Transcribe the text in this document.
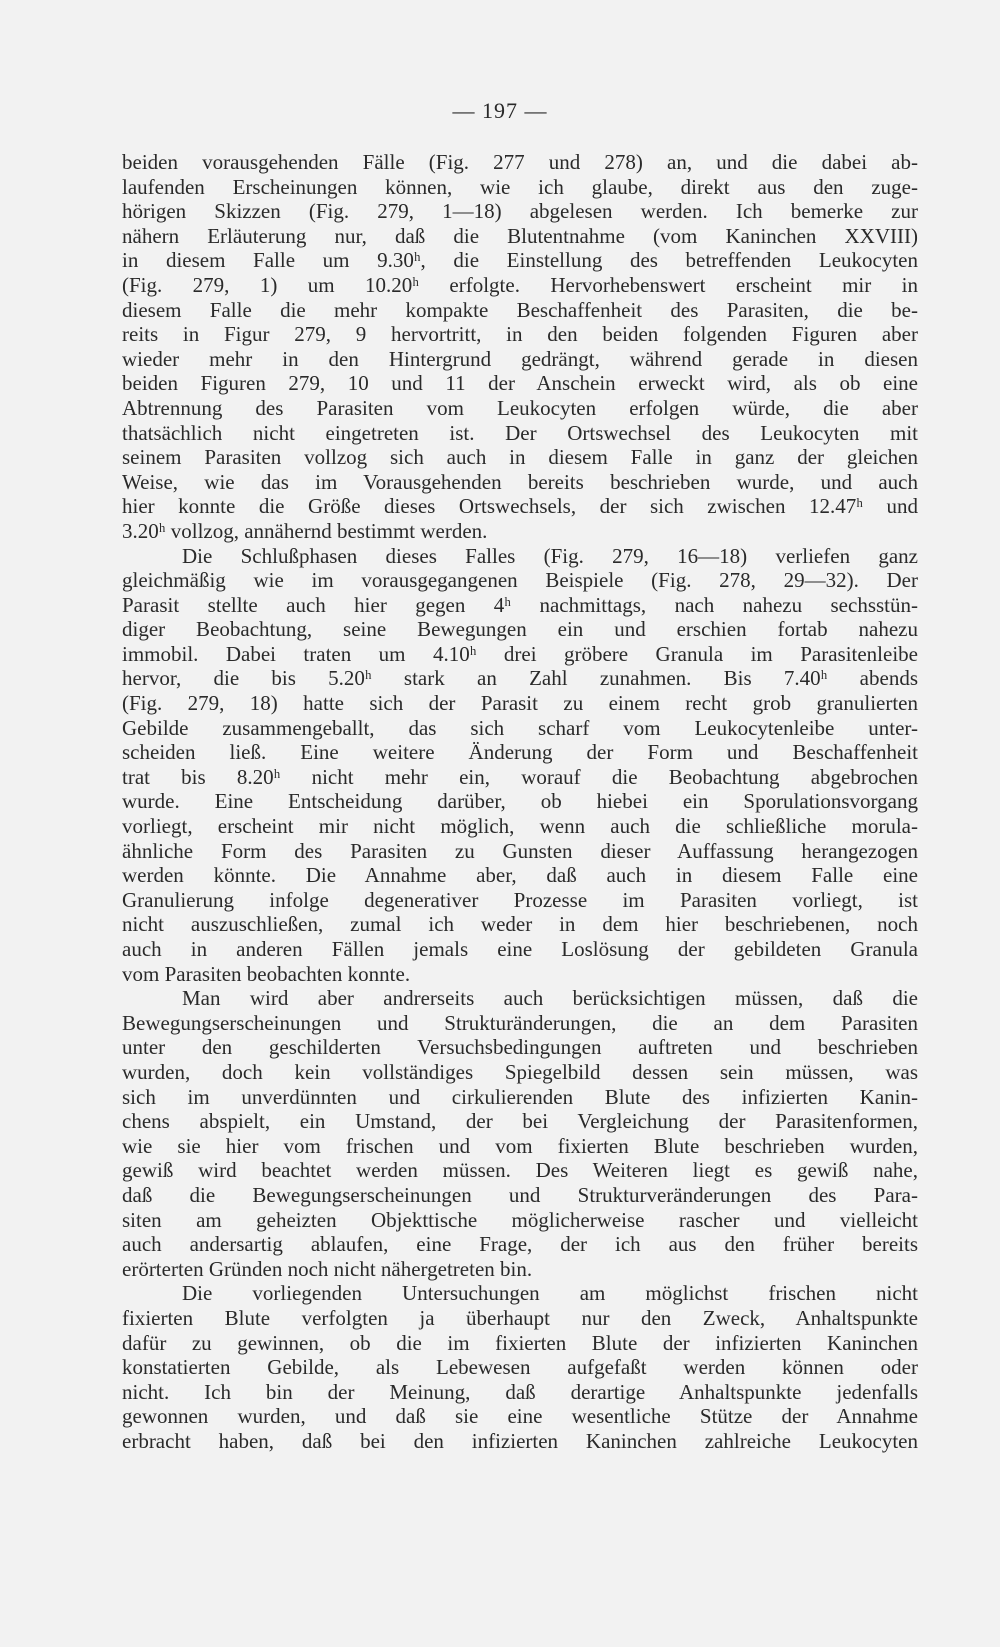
— 197 —
beiden vorausgehenden Fälle (Fig. 277 und 278) an, und die dabei ab-
laufenden Erscheinungen können, wie ich glaube, direkt aus den zuge-
hörigen Skizzen (Fig. 279, 1—18) abgelesen werden. Ich bemerke zur
nähern Erläuterung nur, daß die Blutentnahme (vom Kaninchen XXVIII)
in diesem Falle um 9.30ʰ, die Einstellung des betreffenden Leukocyten
(Fig. 279, 1) um 10.20ʰ erfolgte. Hervorhebenswert erscheint mir in
diesem Falle die mehr kompakte Beschaffenheit des Parasiten, die be-
reits in Figur 279, 9 hervortritt, in den beiden folgenden Figuren aber
wieder mehr in den Hintergrund gedrängt, während gerade in diesen
beiden Figuren 279, 10 und 11 der Anschein erweckt wird, als ob eine
Abtrennung des Parasiten vom Leukocyten erfolgen würde, die aber
thatsächlich nicht eingetreten ist. Der Ortswechsel des Leukocyten mit
seinem Parasiten vollzog sich auch in diesem Falle in ganz der gleichen
Weise, wie das im Vorausgehenden bereits beschrieben wurde, und auch
hier konnte die Größe dieses Ortswechsels, der sich zwischen 12.47ʰ und
3.20ʰ vollzog, annähernd bestimmt werden.
Die Schlußphasen dieses Falles (Fig. 279, 16—18) verliefen ganz
gleichmäßig wie im vorausgegangenen Beispiele (Fig. 278, 29—32). Der
Parasit stellte auch hier gegen 4ʰ nachmittags, nach nahezu sechsstün-
diger Beobachtung, seine Bewegungen ein und erschien fortab nahezu
immobil. Dabei traten um 4.10ʰ drei gröbere Granula im Parasitenleibe
hervor, die bis 5.20ʰ stark an Zahl zunahmen. Bis 7.40ʰ abends
(Fig. 279, 18) hatte sich der Parasit zu einem recht grob granulierten
Gebilde zusammengeballt, das sich scharf vom Leukocytenleibe unter-
scheiden ließ. Eine weitere Änderung der Form und Beschaffenheit
trat bis 8.20ʰ nicht mehr ein, worauf die Beobachtung abgebrochen
wurde. Eine Entscheidung darüber, ob hiebei ein Sporulationsvorgang
vorliegt, erscheint mir nicht möglich, wenn auch die schließliche morula-
ähnliche Form des Parasiten zu Gunsten dieser Auffassung herangezogen
werden könnte. Die Annahme aber, daß auch in diesem Falle eine
Granulierung infolge degenerativer Prozesse im Parasiten vorliegt, ist
nicht auszuschließen, zumal ich weder in dem hier beschriebenen, noch
auch in anderen Fällen jemals eine Loslösung der gebildeten Granula
vom Parasiten beobachten konnte.
Man wird aber andrerseits auch berücksichtigen müssen, daß die
Bewegungserscheinungen und Strukturänderungen, die an dem Parasiten
unter den geschilderten Versuchsbedingungen auftreten und beschrieben
wurden, doch kein vollständiges Spiegelbild dessen sein müssen, was
sich im unverdünnten und cirkulierenden Blute des infizierten Kanin-
chens abspielt, ein Umstand, der bei Vergleichung der Parasitenformen,
wie sie hier vom frischen und vom fixierten Blute beschrieben wurden,
gewiß wird beachtet werden müssen. Des Weiteren liegt es gewiß nahe,
daß die Bewegungserscheinungen und Strukturveränderungen des Para-
siten am geheizten Objekttische möglicherweise rascher und vielleicht
auch andersartig ablaufen, eine Frage, der ich aus den früher bereits
erörterten Gründen noch nicht nähergetreten bin.
Die vorliegenden Untersuchungen am möglichst frischen nicht
fixierten Blute verfolgten ja überhaupt nur den Zweck, Anhaltspunkte
dafür zu gewinnen, ob die im fixierten Blute der infizierten Kaninchen
konstatierten Gebilde, als Lebewesen aufgefaßt werden können oder
nicht. Ich bin der Meinung, daß derartige Anhaltspunkte jedenfalls
gewonnen wurden, und daß sie eine wesentliche Stütze der Annahme
erbracht haben, daß bei den infizierten Kaninchen zahlreiche Leukocyten
